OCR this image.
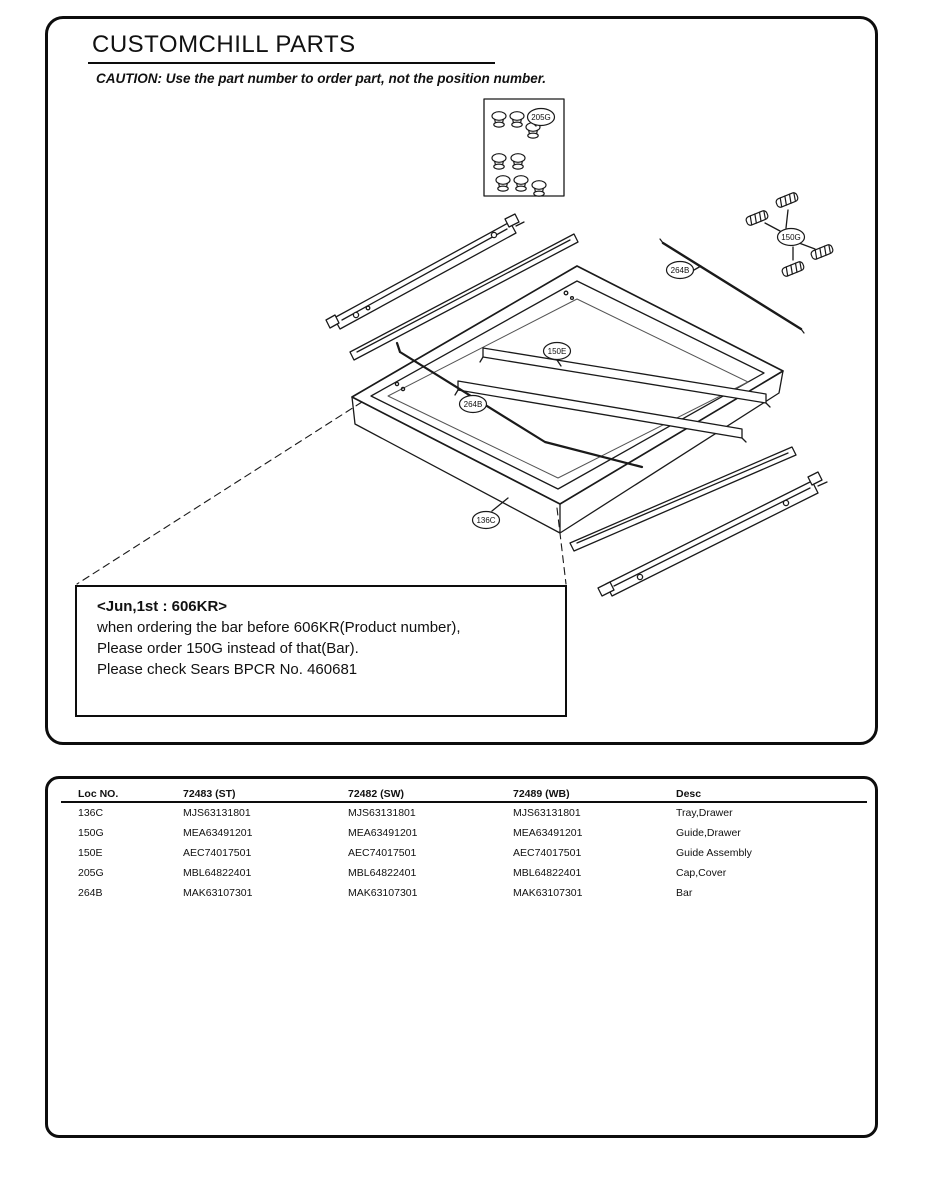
CUSTOMCHILL PARTS
CAUTION: Use the part number to order part, not the position number.
205G
150G
264B
150E
264B
136C
<Jun,1st : 606KR>
when ordering the bar before 606KR(Product number),
Please order 150G instead of that(Bar).
Please check Sears BPCR No. 460681
Loc NO.	72483 (ST)	72482 (SW)	72489 (WB)	Desc
136C	MJS63131801	MJS63131801	MJS63131801	Tray,Drawer
150G	MEA63491201	MEA63491201	MEA63491201	Guide,Drawer
150E	AEC74017501	AEC74017501	AEC74017501	Guide Assembly
205G	MBL64822401	MBL64822401	MBL64822401	Cap,Cover
264B	MAK63107301	MAK63107301	MAK63107301	Bar
